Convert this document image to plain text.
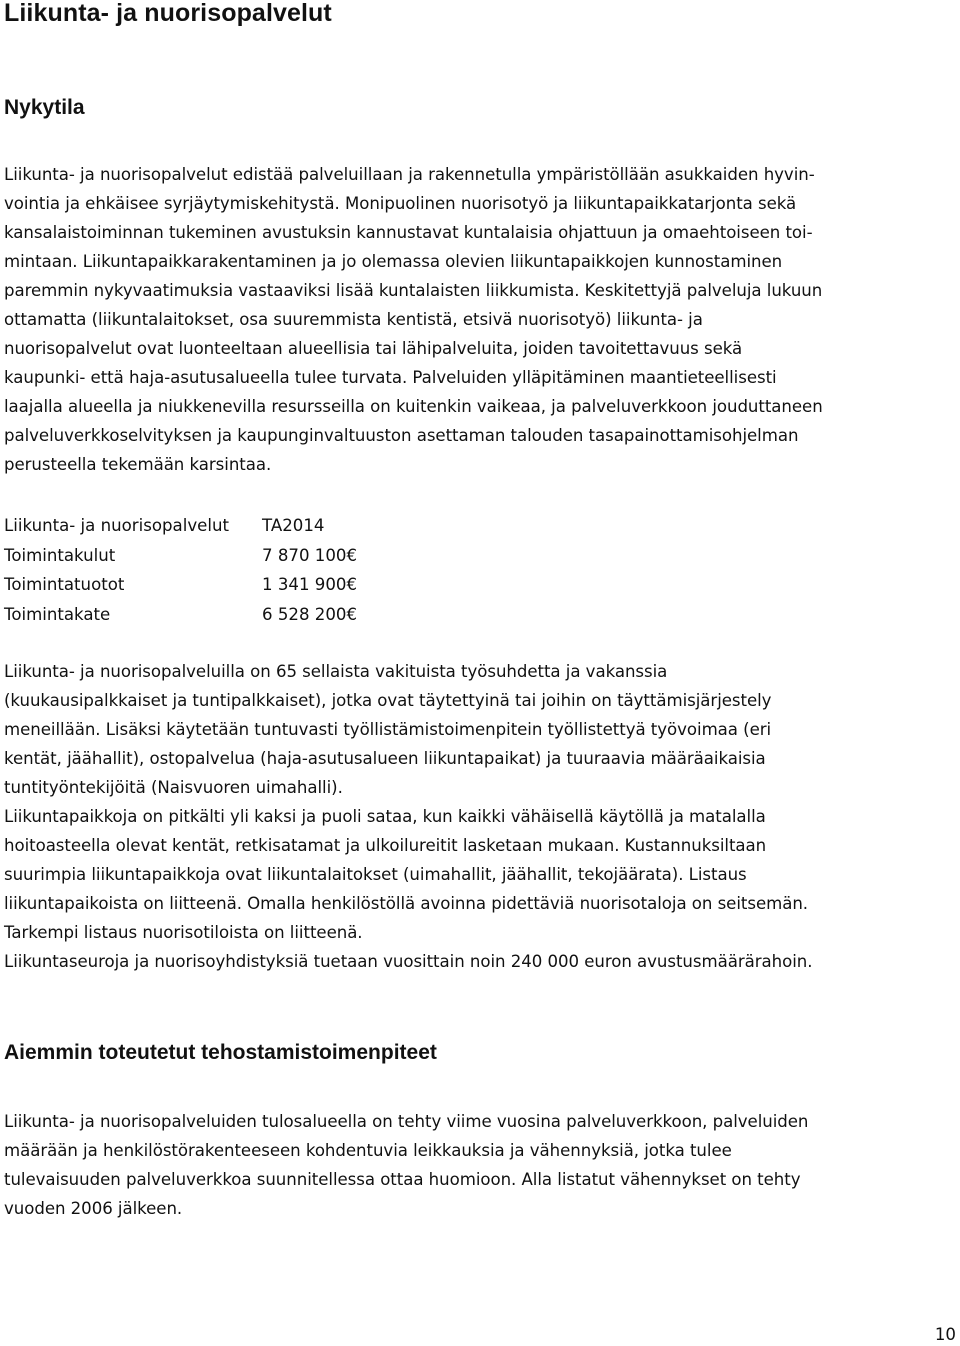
Liikunta- ja nuorisopalvelut
Nykytila

Liikunta- ja nuorisopalvelut edistää palveluillaan ja rakennetulla ympäristöllään asukkaiden hyvin-
vointia ja ehkäisee syrjäytymiskehitystä. Monipuolinen nuorisotyö ja liikuntapaikkatarjonta sekä
kansalaistoiminnan tukeminen avustuksin kannustavat kuntalaisia ohjattuun ja omaehtoiseen toi-
mintaan. Liikuntapaikkarakentaminen ja jo olemassa olevien liikuntapaikkojen kunnostaminen
paremmin nykyvaatimuksia vastaaviksi lisää kuntalaisten liikkumista. Keskitettyjä palveluja lukuun
ottamatta (liikuntalaitokset, osa suuremmista kentistä, etsivä nuorisotyö) liikunta- ja
nuorisopalvelut ovat luonteeltaan alueellisia tai lähipalveluita, joiden tavoitettavuus sekä
kaupunki- että haja-asutusalueella tulee turvata. Palveluiden ylläpitäminen maantieteellisesti
laajalla alueella ja niukkenevilla resursseilla on kuitenkin vaikeaa, ja palveluverkkoon jouduttaneen
palveluverkkoselvityksen ja kaupunginvaltuuston asettaman talouden tasapainottamisohjelman
perusteella tekemään karsintaa.

Liikunta- ja nuorisopalvelut	TA2014
Toimintakulut	7 870 100€
Toimintatuotot	1 341 900€
Toimintakate	6 528 200€

Liikunta- ja nuorisopalveluilla on 65 sellaista vakituista työsuhdetta ja vakanssia
(kuukausipalkkaiset ja tuntipalkkaiset), jotka ovat täytettyinä tai joihin on täyttämisjärjestely
meneillään. Lisäksi käytetään tuntuvasti työllistämistoimenpitein työllistettyä työvoimaa (eri
kentät, jäähallit), ostopalvelua (haja-asutusalueen liikuntapaikat) ja tuuraavia määräaikaisia
tuntityöntekijöitä (Naisvuoren uimahalli).

Liikuntapaikkoja on pitkälti yli kaksi ja puoli sataa, kun kaikki vähäisellä käytöllä ja matalalla
hoitoasteella olevat kentät, retkisatamat ja ulkoilureitit lasketaan mukaan. Kustannuksiltaan
suurimpia liikuntapaikkoja ovat liikuntalaitokset (uimahallit, jäähallit, tekojäärata). Listaus
liikuntapaikoista on liitteenä. Omalla henkilöstöllä avoinna pidettäviä nuorisotaloja on seitsemän.
Tarkempi listaus nuorisotiloista on liitteenä.
Liikuntaseuroja ja nuorisoyhdistyksiä tuetaan vuosittain noin 240 000 euron avustusmäärärahoin.

Aiemmin toteutetut tehostamistoimenpiteet

Liikunta- ja nuorisopalveluiden tulosalueella on tehty viime vuosina palveluverkkoon, palveluiden
määrään ja henkilöstörakenteeseen kohdentuvia leikkauksia ja vähennyksiä, jotka tulee
tulevaisuuden palveluverkkoa suunnitellessa ottaa huomioon. Alla listatut vähennykset on tehty
vuoden 2006 jälkeen.

10
